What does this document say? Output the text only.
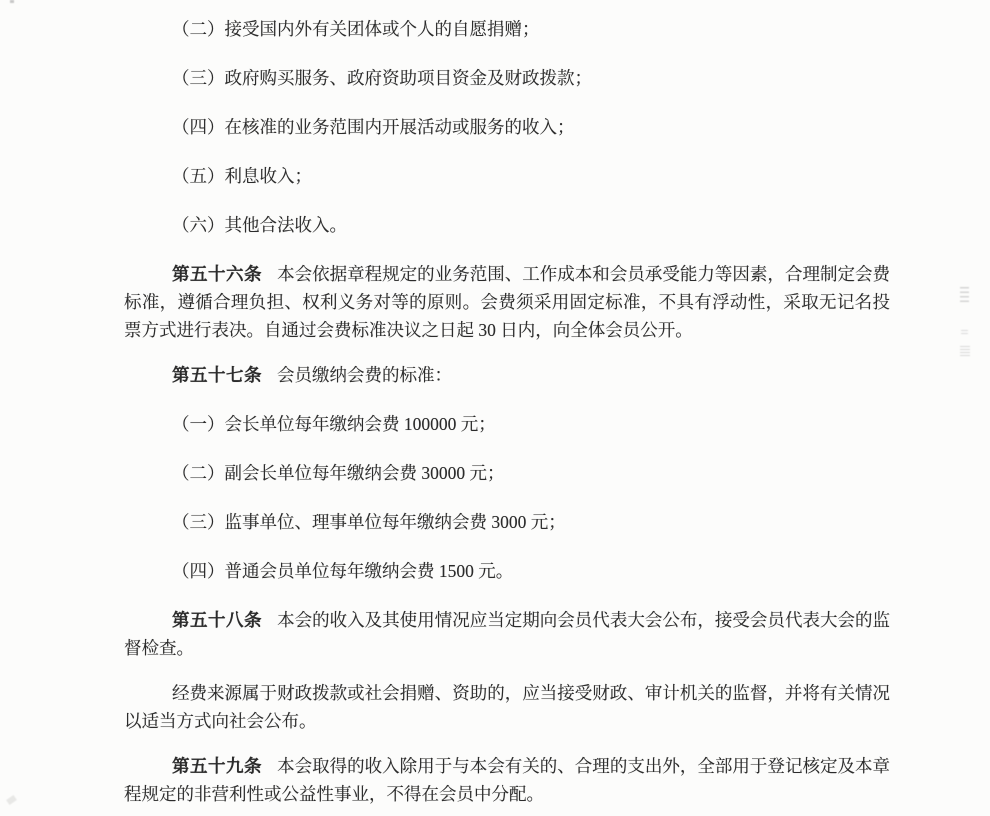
（二）接受国内外有关团体或个人的自愿捐赠；

（三）政府购买服务、政府资助项目资金及财政拨款；

（四）在核准的业务范围内开展活动或服务的收入；

（五）利息收入；

（六）其他合法收入。

第五十六条 本会依据章程规定的业务范围、工作成本和会员承受能力等因素，合理制定会费标准，遵循合理负担、权利义务对等的原则。会费须采用固定标准，不具有浮动性，采取无记名投票方式进行表决。自通过会费标准决议之日起 30 日内，向全体会员公开。

第五十七条 会员缴纳会费的标准：

（一）会长单位每年缴纳会费 100000 元；

（二）副会长单位每年缴纳会费 30000 元；

（三）监事单位、理事单位每年缴纳会费 3000 元；

（四）普通会员单位每年缴纳会费 1500 元。

第五十八条 本会的收入及其使用情况应当定期向会员代表大会公布，接受会员代表大会的监督检查。

经费来源属于财政拨款或社会捐赠、资助的，应当接受财政、审计机关的监督，并将有关情况以适当方式向社会公布。

第五十九条 本会取得的收入除用于与本会有关的、合理的支出外，全部用于登记核定及本章程规定的非营利性或公益性事业，不得在会员中分配。
